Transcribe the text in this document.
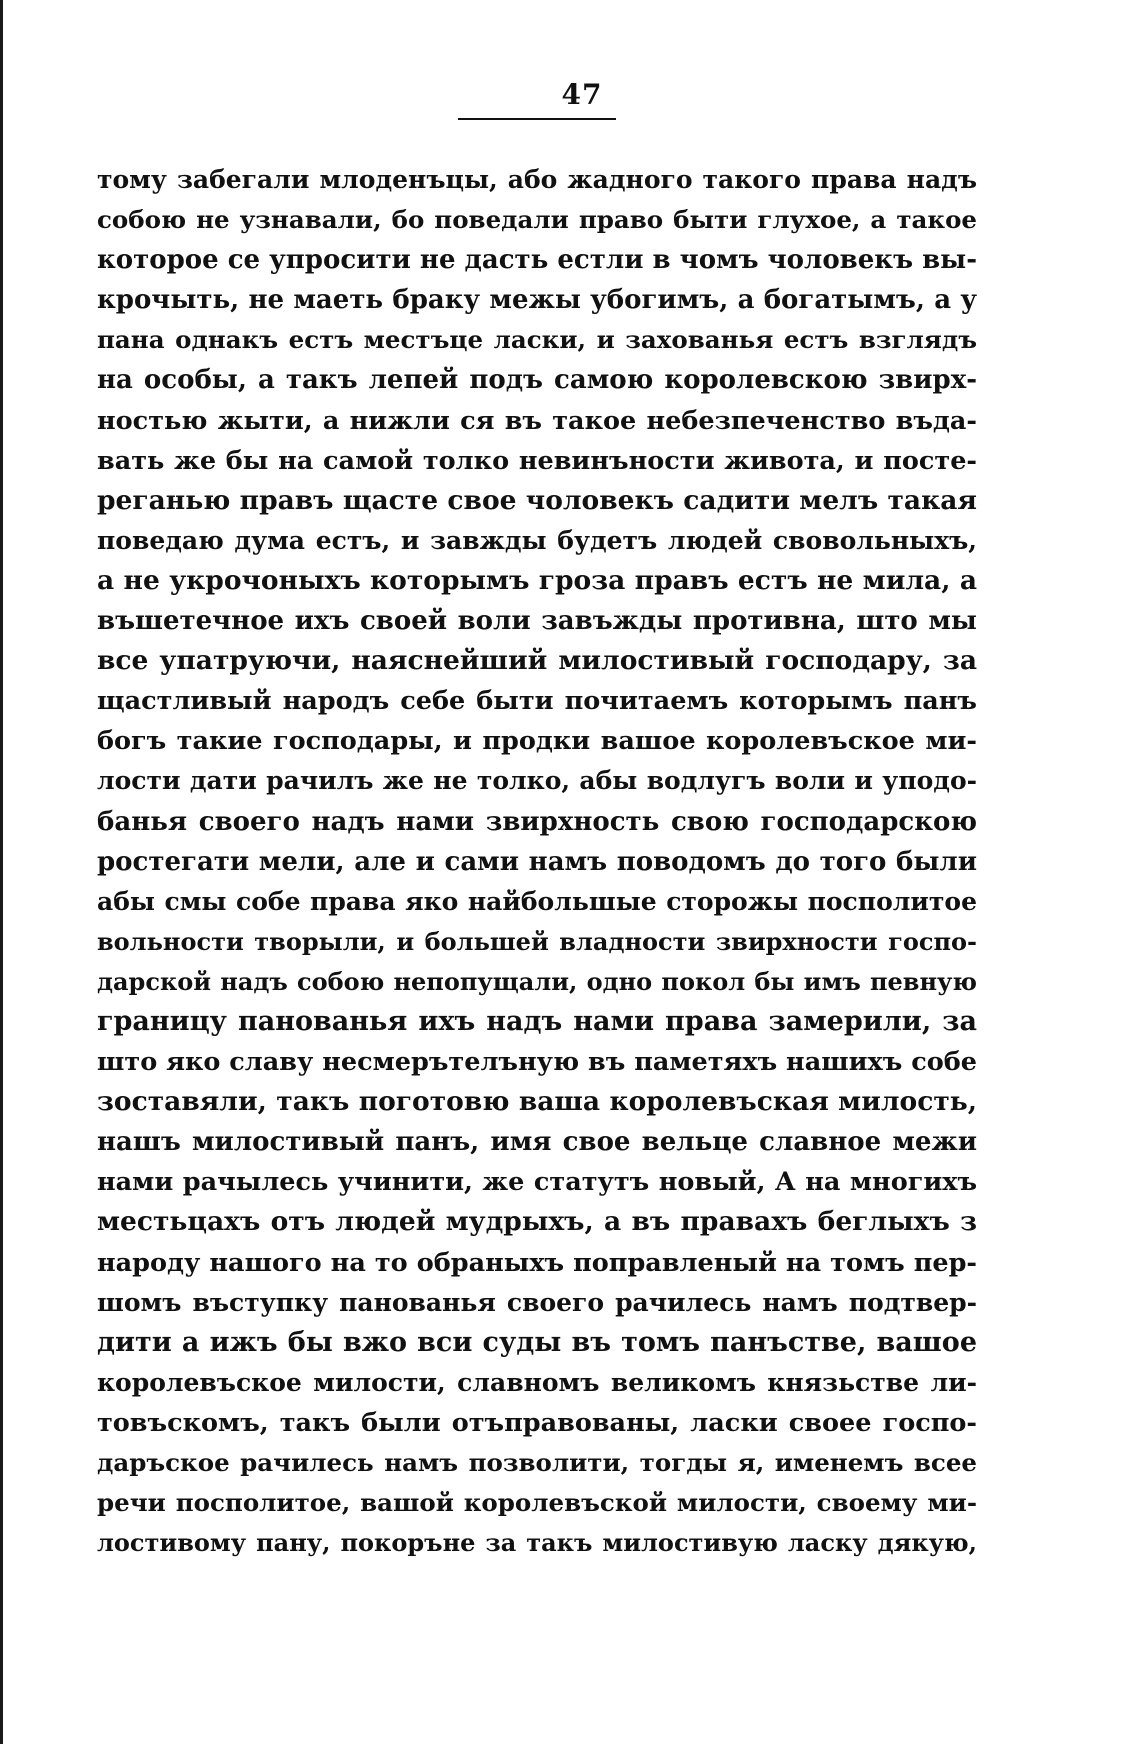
47
тому забегали млоденъцы, або жадного такого права надъ
собою не узнавали, бо поведали право быти глухое, а такое
которое се упросити не дасть естли в чомъ чоловекъ вы-
крочыть, не маеть браку межы убогимъ, а богатымъ, а у
пана однакъ естъ местъце ласки, и захованья естъ взглядъ
на особы, а такъ лепей подъ самою королевскою звирх-
ностью жыти, а нижли ся въ такое небезпеченство въда-
вать же бы на самой толко невинъности живота, и посте-
реганью правъ щасте свое чоловекъ садити мелъ такая
поведаю дума естъ, и завжды будетъ людей свовольныхъ,
а не укрочоныхъ которымъ гроза правъ естъ не мила, а
въшетечное ихъ своей воли завъжды противна, што мы
все упатруючи, наяснейший милостивый господару, за
щастливый народъ себе быти почитаемъ которымъ панъ
богъ такие господары, и продки вашое королевъское ми-
лости дати рачилъ же не толко, абы водлугъ воли и уподо-
банья своего надъ нами звирхность свою господарскою
ростегати мели, але и сами намъ поводомъ до того были
абы смы собе права яко найбольшые сторожы посполитое
вольности творыли, и большей владности звирхности госпо-
дарской надъ собою непопущали, одно покол бы имъ певную
границу панованья ихъ надъ нами права замерили, за
што яко славу несмерътелъную въ паметяхъ нашихъ собе
зоставяли, такъ поготовю ваша королевъская милость,
нашъ милостивый панъ, имя свое вельце славное межи
нами рачылесь учинити, же статутъ новый, А на многихъ
местьцахъ отъ людей мудрыхъ, а въ правахъ беглыхъ з
народу нашого на то обраныхъ поправленый на томъ пер-
шомъ въступку панованья своего рачилесь намъ подтвер-
дити а ижъ бы вжо вси суды въ томъ панъстве, вашое
королевъское милости, славномъ великомъ князьстве ли-
товъскомъ, такъ были отъправованы, ласки своее госпо-
даръское рачилесь намъ позволити, тогды я, именемъ всее
речи посполитое, вашой королевъской милости, своему ми-
лостивому пану, покоръне за такъ милостивую ласку дякую,
